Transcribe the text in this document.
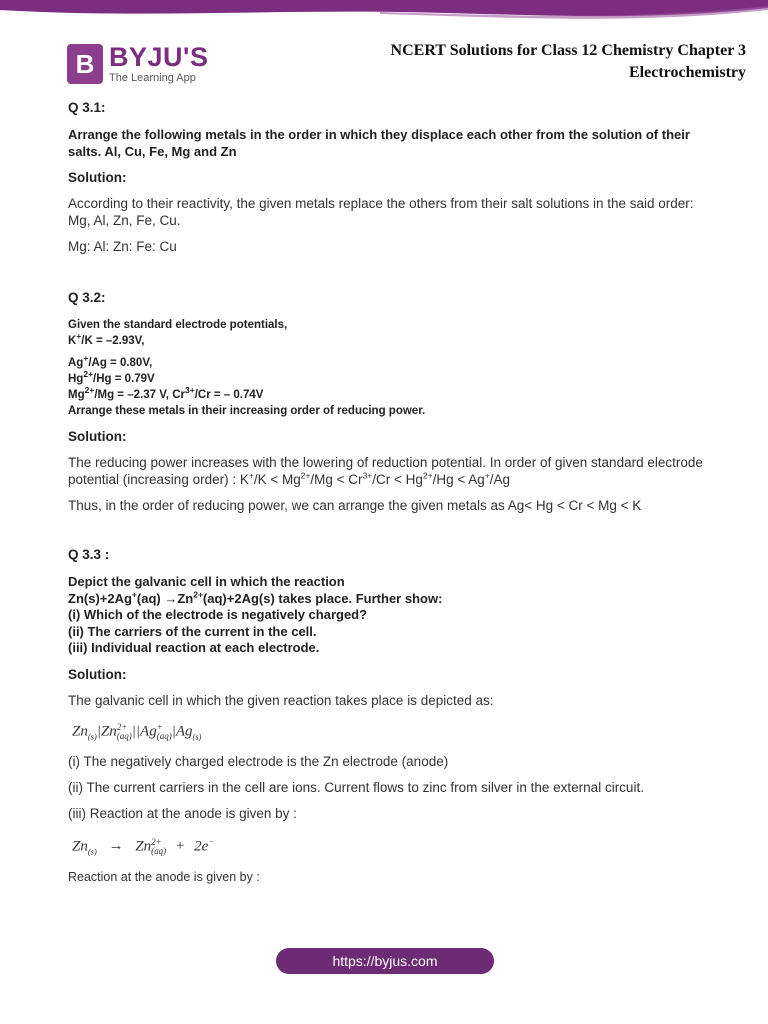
B BYJU'S
The Learning App
NCERT Solutions for Class 12 Chemistry Chapter 3
Electrochemistry
Q 3.1:
Arrange the following metals in the order in which they displace each other from the solution of their salts. Al, Cu, Fe, Mg and Zn
Solution:
According to their reactivity, the given metals replace the others from their salt solutions in the said order: Mg, Al, Zn, Fe, Cu.
Mg: Al: Zn: Fe: Cu
Q 3.2:
Given the standard electrode potentials,
K+/K = –2.93V,
Ag+/Ag = 0.80V,
$Hg^{2+}/Hg = 0.79V$
$Mg^{2+}/Mg = -2.37$ V, $Cr^{3+}/Cr$ = – 0.74V
Arrange these metals in their increasing order of reducing power.
Solution:
The reducing power increases with the lowering of reduction potential. In order of given standard electrode potential (increasing order) : $K^+/K < Mg^{2+}/Mg < Cr^{3+}/Cr < Hg^{2+}/Hg < Ag^+/Ag$
Thus, in the order of reducing power, we can arrange the given metals as Ag< Hg < Cr < Mg < K
Q 3.3 :
Depict the galvanic cell in which the reaction
$Zn(s)+2Ag^+(aq) \to Zn^{2+}(aq)+2Ag(s)$ takes place. Further show:
(i) Which of the electrode is negatively charged?
(ii) The carriers of the current in the cell.
(iii) Individual reaction at each electrode.
Solution:
The galvanic cell in which the given reaction takes place is depicted as:
$Zn_{(s)}|Zn2+$
(aq)||Ag+
$(aq)|Ag_{(s)}$
(i) The negatively charged electrode is the Zn electrode (anode)
(ii) The current carriers in the cell are ions. Current flows to zinc from silver in the external circuit.
(iii) Reaction at the anode is given by :
$Zn_{(s)} \to Zn2+$
(aq) + 2e−
Reaction at the anode is given by :
https://byjus.com
